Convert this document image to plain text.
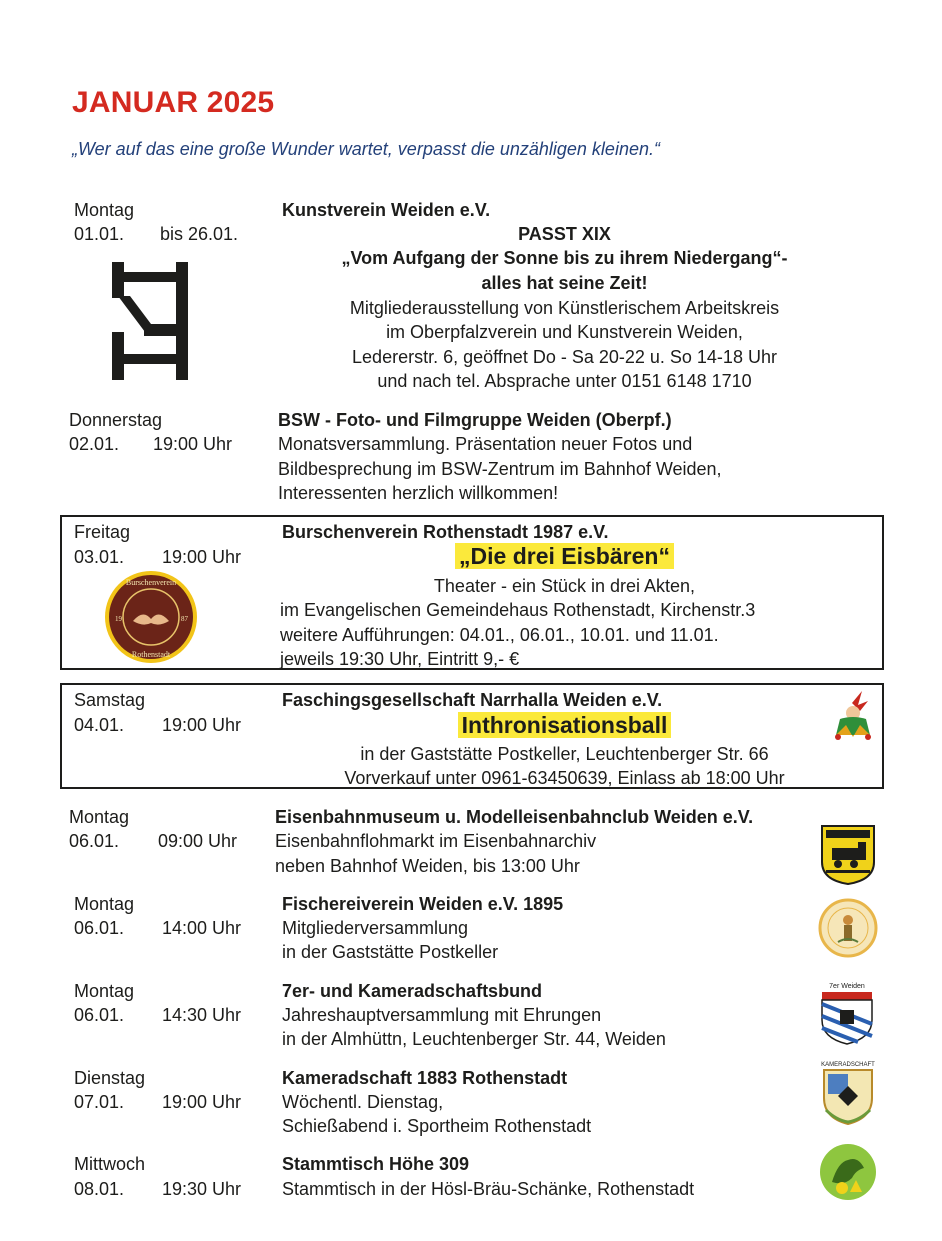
JANUAR 2025
„Wer auf das eine große Wunder wartet, verpasst die unzähligen kleinen.“
Montag
01.01. bis 26.01.
Kunstverein Weiden e.V.
PASST XIX
„Vom Aufgang der Sonne bis zu ihrem Niedergang“-
alles hat seine Zeit!
Mitgliederausstellung von Künstlerischem Arbeitskreis
im Oberpfalzverein und Kunstverein Weiden,
Ledererstr. 6, geöffnet Do - Sa 20-22 u. So 14-18 Uhr
und nach tel. Absprache unter 0151 6148 1710
Donnerstag
02.01. 19:00 Uhr
BSW - Foto- und Filmgruppe Weiden (Oberpf.)
Monatsversammlung. Präsentation neuer Fotos und
Bildbesprechung im BSW-Zentrum im Bahnhof Weiden,
Interessenten herzlich willkommen!
Freitag
03.01. 19:00 Uhr
Burschenverein
Rothenstadt
19	87
Burschenverein Rothenstadt 1987 e.V.
„Die drei Eisbären“
Theater - ein Stück in drei Akten,
im Evangelischen Gemeindehaus Rothenstadt, Kirchenstr.3
weitere Aufführungen: 04.01., 06.01., 10.01. und 11.01.
jeweils 19:30 Uhr, Eintritt 9,- €
Samstag
04.01. 19:00 Uhr
Faschingsgesellschaft Narrhalla Weiden e.V.
Inthronisationsball
in der Gaststätte Postkeller, Leuchtenberger Str. 66
Vorverkauf unter 0961-63450639, Einlass ab 18:00 Uhr
Montag
06.01. 09:00 Uhr
Eisenbahnmuseum u. Modelleisenbahnclub Weiden e.V.
Eisenbahnflohmarkt im Eisenbahnarchiv
neben Bahnhof Weiden, bis 13:00 Uhr
Montag
06.01. 14:00 Uhr
Fischereiverein Weiden e.V. 1895
Mitgliederversammlung
in der Gaststätte Postkeller
Montag
06.01. 14:30 Uhr
7er- und Kameradschaftsbund
Jahreshauptversammlung mit Ehrungen
in der Almhüttn, Leuchtenberger Str. 44, Weiden
7er Weiden
Dienstag
07.01. 19:00 Uhr
Kameradschaft 1883 Rothenstadt
Wöchentl. Dienstag,
Schießabend i. Sportheim Rothenstadt
KAMERADSCHAFT
Mittwoch
08.01. 19:30 Uhr
Stammtisch Höhe 309
Stammtisch in der Hösl-Bräu-Schänke, Rothenstadt
